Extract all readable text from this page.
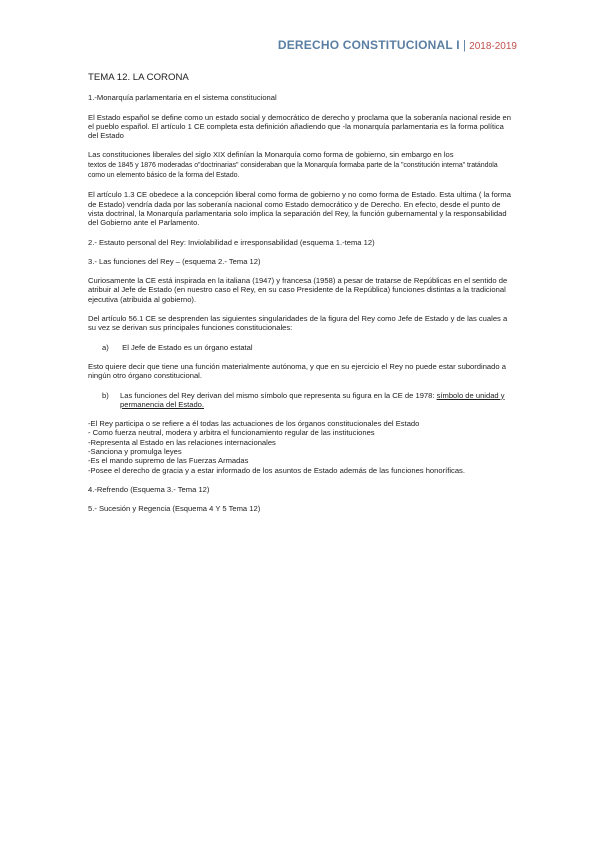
DERECHO CONSTITUCIONAL I | 2018-2019
TEMA 12. LA CORONA

1.-Monarquía parlamentaria en el sistema constitucional

El Estado español se define como un estado social y democrático de derecho y proclama que la soberanía nacional reside en el pueblo español. El artículo 1 CE completa esta definición añadiendo que -la monarquía parlamentaria es la forma política del Estado

Las constituciones liberales del siglo XIX definían la Monarquía como forma de gobierno, sin embargo en los
textos de 1845 y 1876 moderadas o"doctrinarias" consideraban que la Monarquía formaba parte de la "constitución interna" tratándola como un elemento básico de la forma del Estado.

El artículo 1.3 CE obedece a la concepción liberal como forma de gobierno y no como forma de Estado. Esta ultima ( la forma de Estado) vendría dada por las soberanía nacional como Estado democrático y de Derecho. En efecto, desde el punto de vista doctrinal, la Monarquía parlamentaria solo implica la separación del Rey, la función gubernamental y la responsabilidad del Gobierno ante el Parlamento.

2.- Estauto personal del Rey: Inviolabilidad e irresponsabilidad (esquema 1.-tema 12)

3.- Las funciones del Rey – (esquema 2.- Tema 12)

Curiosamente la CE está inspirada en la italiana (1947) y francesa (1958) a pesar de tratarse de Repúblicas en el sentido de atribuir al Jefe de Estado (en nuestro caso el Rey, en su caso Presidente de la República) funciones distintas a la tradicional ejecutiva (atribuida al gobierno).

Del artículo 56.1 CE se desprenden las siguientes singularidades de la figura del Rey como Jefe de Estado y de las cuales a su vez se derivan sus principales funciones constitucionales:

a) El Jefe de Estado es un órgano estatal

Esto quiere decir que tiene una función materialmente autónoma, y que en su ejercicio el Rey no puede estar subordinado a ningún otro órgano constitucional.

b)	Las funciones del Rey derivan del mismo símbolo que representa su figura en la CE de 1978: símbolo de unidad y permanencia del Estado.

-El Rey participa o se refiere a él todas las actuaciones de los órganos constitucionales del Estado
- Como fuerza neutral, modera y arbitra el funcionamiento regular de las instituciones
-Representa al Estado en las relaciones internacionales
-Sanciona y promulga leyes
-Es el mando supremo de las Fuerzas Armadas
-Posee el derecho de gracia y a estar informado de los asuntos de Estado además de las funciones honoríficas.

4.-Refrendo (Esquema 3.- Tema 12)

5.- Sucesión y Regencia (Esquema 4 Y 5 Tema 12)
